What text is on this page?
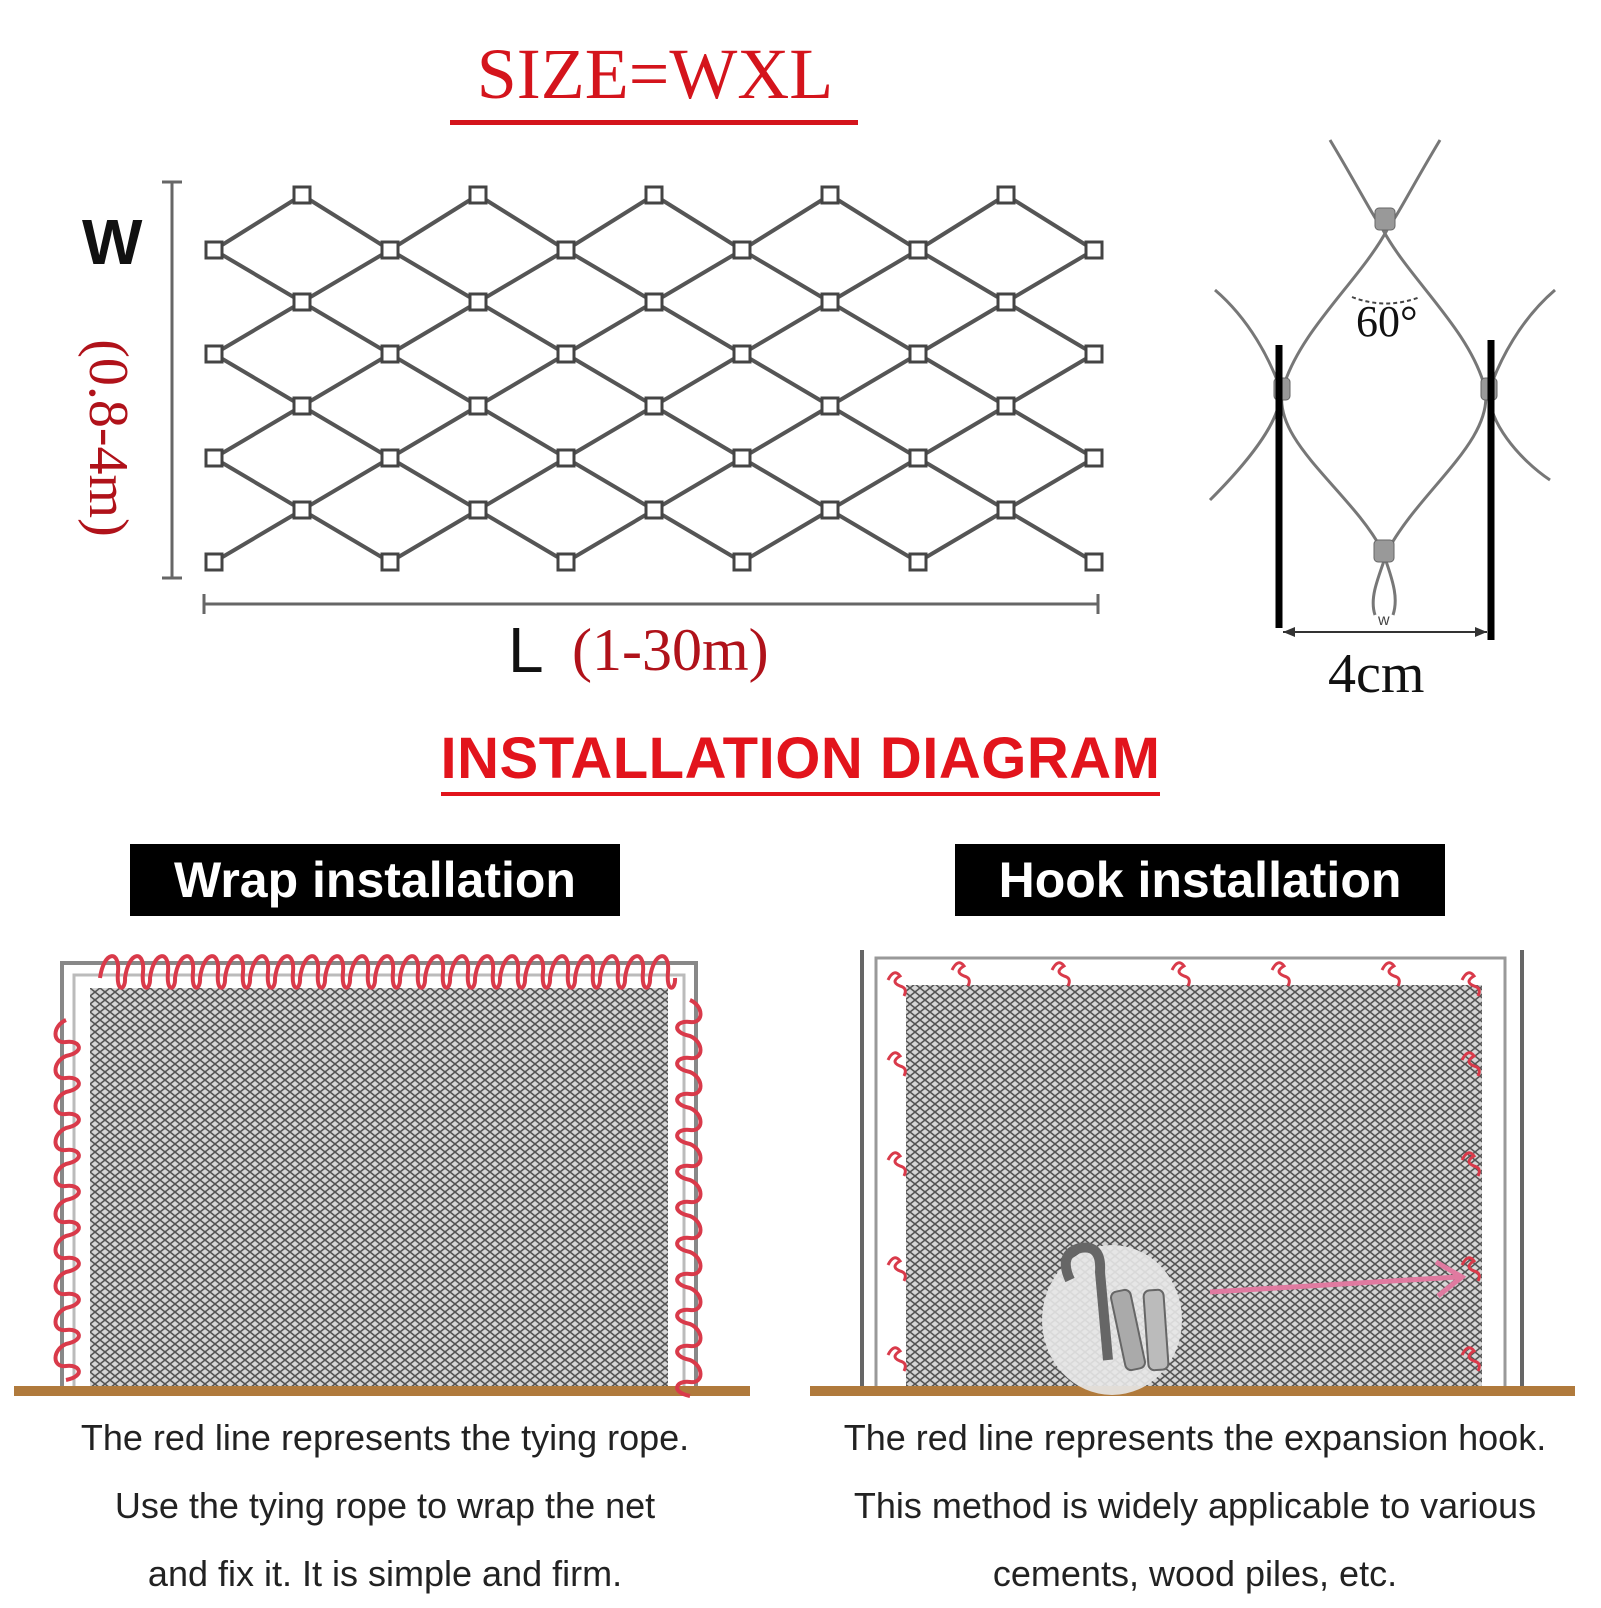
SIZE=WXL
W
(0.8-4m)
L (1-30m)
60°
w
4cm
INSTALLATION DIAGRAM
Wrap installation	Hook installation
The red line represents the tying rope.
Use the tying rope to wrap the net
and fix it. It is simple and firm.
The red line represents the expansion hook.
This method is widely applicable to various
cements, wood piles, etc.
